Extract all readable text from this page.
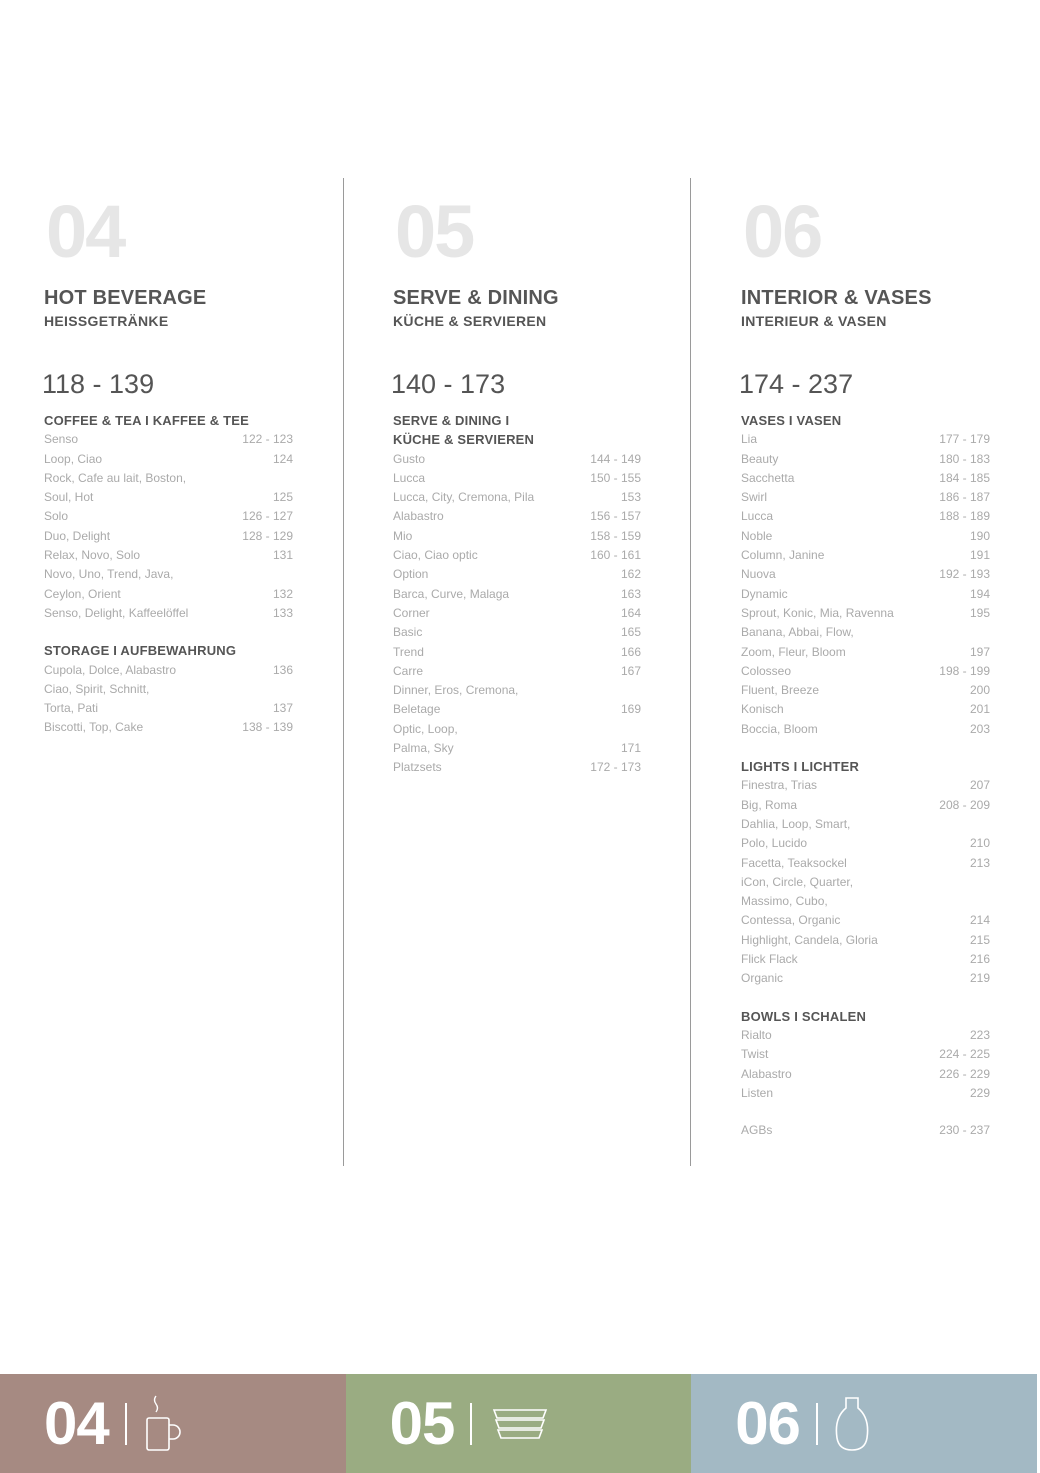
04
HOT BEVERAGE
HEISSGETRÄNKE
118 - 139
COFFEE & TEA I KAFFEE & TEE
Senso	122 - 123
Loop, Ciao	124
Rock, Cafe au lait, Boston,
Soul, Hot	125
Solo	126 - 127
Duo, Delight	128 - 129
Relax, Novo, Solo	131
Novo, Uno, Trend, Java,
Ceylon, Orient	132
Senso, Delight, Kaffeelöffel	133
STORAGE I AUFBEWAHRUNG
Cupola, Dolce, Alabastro	136
Ciao, Spirit, Schnitt,
Torta, Pati	137
Biscotti, Top, Cake	138 - 139
05
SERVE & DINING
KÜCHE & SERVIEREN
140 - 173
SERVE & DINING I
KÜCHE & SERVIEREN
Gusto	144 - 149
Lucca	150 - 155
Lucca, City, Cremona, Pila	153
Alabastro	156 - 157
Mio	158 - 159
Ciao, Ciao optic	160 - 161
Option	162
Barca, Curve, Malaga	163
Corner	164
Basic	165
Trend	166
Carre	167
Dinner, Eros, Cremona,
Beletage	169
Optic, Loop,
Palma, Sky	171
Platzsets	172 - 173
06
INTERIOR & VASES
INTERIEUR & VASEN
174 - 237
VASES I VASEN
Lia	177 - 179
Beauty	180 - 183
Sacchetta	184 - 185
Swirl	186 - 187
Lucca	188 - 189
Noble	190
Column, Janine	191
Nuova	192 - 193
Dynamic	194
Sprout, Konic, Mia, Ravenna	195
Banana, Abbai, Flow,
Zoom, Fleur, Bloom	197
Colosseo	198 - 199
Fluent, Breeze	200
Konisch	201
Boccia, Bloom	203
LIGHTS I LICHTER
Finestra, Trias	207
Big, Roma	208 - 209
Dahlia, Loop, Smart,
Polo, Lucido	210
Facetta, Teaksockel	213
iCon, Circle, Quarter,
Massimo, Cubo,
Contessa, Organic	214
Highlight, Candela, Gloria	215
Flick Flack	216
Organic	219
BOWLS I SCHALEN
Rialto	223
Twist	224 - 225
Alabastro	226 - 229
Listen	229
AGBs	230 - 237
04	05	06
